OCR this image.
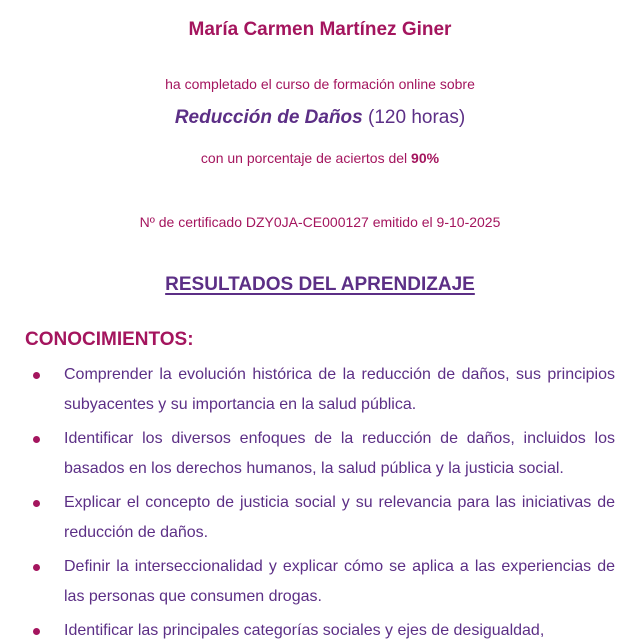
María Carmen Martínez Giner
ha completado el curso de formación online sobre
Reducción de Daños (120 horas)
con un porcentaje de aciertos del 90%
Nº de certificado DZY0JA-CE000127 emitido el 9-10-2025
RESULTADOS DEL APRENDIZAJE
CONOCIMIENTOS:
Comprender la evolución histórica de la reducción de daños, sus principios subyacentes y su importancia en la salud pública.
Identificar los diversos enfoques de la reducción de daños, incluidos los basados en los derechos humanos, la salud pública y la justicia social.
Explicar el concepto de justicia social y su relevancia para las iniciativas de reducción de daños.
Definir la interseccionalidad y explicar cómo se aplica a las experiencias de las personas que consumen drogas.
Identificar las principales categorías sociales y ejes de desigualdad,
